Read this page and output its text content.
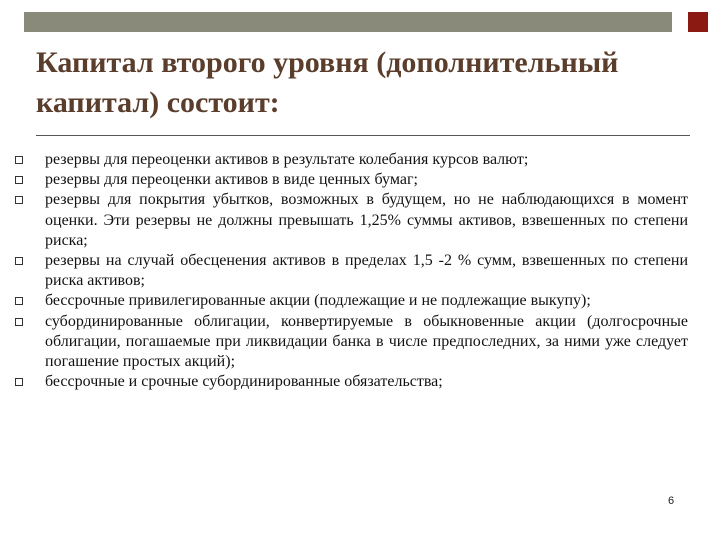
Капитал второго уровня (дополнительный капитал) состоит:
резервы для переоценки активов в результате колебания курсов валют;
резервы для переоценки активов в виде ценных бумаг;
резервы для покрытия убытков, возможных в будущем, но не наблюдающихся в момент оценки. Эти резервы не должны превышать 1,25% суммы активов, взвешенных по степени риска;
резервы на случай обесценения активов в пределах 1,5 -2 % сумм, взвешенных по степени риска активов;
бессрочные привилегированные акции (подлежащие и не подлежащие выкупу);
субординированные облигации, конвертируемые в обыкновенные акции (долгосрочные облигации, погашаемые при ликвидации банка в числе предпоследних, за ними уже следует погашение простых акций);
бессрочные и срочные субординированные обязательства;
6
